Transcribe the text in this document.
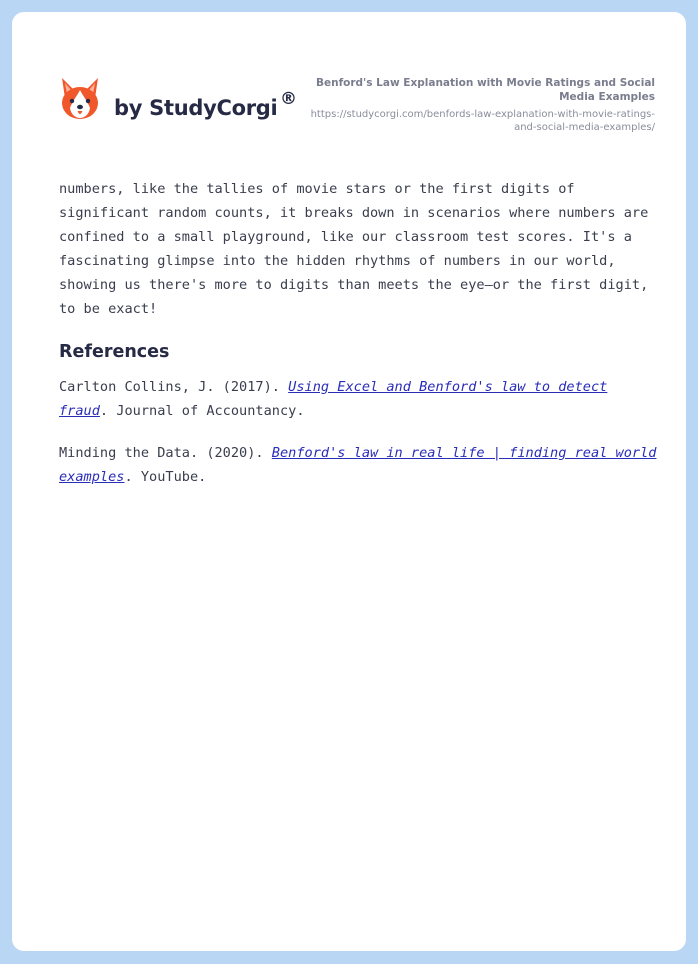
by StudyCorgi ®
Benford's Law Explanation with Movie Ratings and Social Media Examples
https://studycorgi.com/benfords-law-explanation-with-movie-ratings-and-social-media-examples/

numbers, like the tallies of movie stars or the first digits of significant random counts, it breaks down in scenarios where numbers are confined to a small playground, like our classroom test scores. It's a fascinating glimpse into the hidden rhythms of numbers in our world, showing us there's more to digits than meets the eye—or the first digit, to be exact!

References

Carlton Collins, J. (2017). Using Excel and Benford's law to detect fraud. Journal of Accountancy.

Minding the Data. (2020). Benford's law in real life | finding real world examples. YouTube.
